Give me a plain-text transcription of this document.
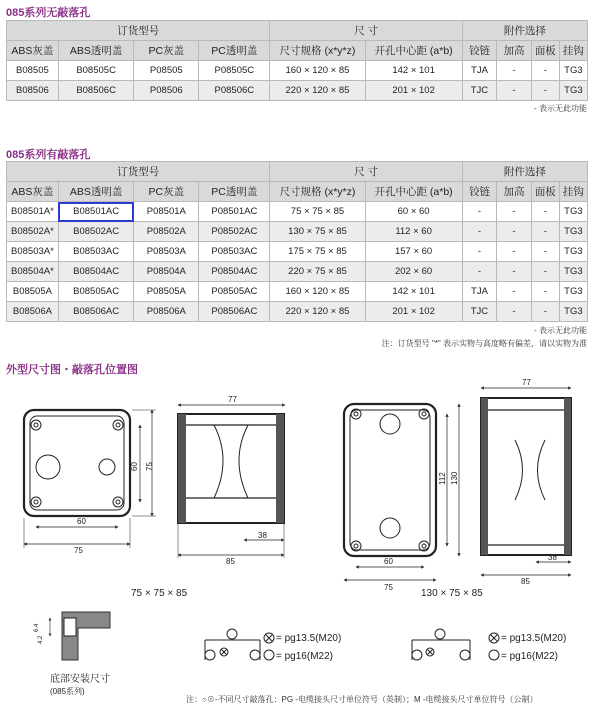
085系列无敲落孔
订货型号				尺 寸		附件选择			
ABS灰盖	ABS透明盖	PC灰盖	PC透明盖	尺寸规格 (x*y*z)	开孔中心距 (a*b)	铰链	加高	面板	挂钩
B08505	B08505C	P08505	P08505C	160 × 120 × 85	142 × 101	TJA	-	-	TG3
B08506	B08506C	P08506	P08506C	220 × 120 × 85	201 × 102	TJC	-	-	TG3
- 表示无此功能
085系列有敲落孔
订货型号				尺 寸		附件选择			
ABS灰盖	ABS透明盖	PC灰盖	PC透明盖	尺寸规格 (x*y*z)	开孔中心距 (a*b)	铰链	加高	面板	挂钩
B08501A*	B08501AC	P08501A	P08501AC	75 × 75 × 85	60 × 60	-	-	-	TG3
B08502A*	B08502AC	P08502A	P08502AC	130 × 75 × 85	112 × 60	-	-	-	TG3
B08503A*	B08503AC	P08503A	P08503AC	175 × 75 × 85	157 × 60	-	-	-	TG3
B08504A*	B08504AC	P08504A	P08504AC	220 × 75 × 85	202 × 60	-	-	-	TG3
B08505A	B08505AC	P08505A	P08505AC	160 × 120 × 85	142 × 101	TJA	-	-	TG3
B08506A	B08506AC	P08506A	P08506AC	220 × 120 × 85	201 × 102	TJC	-	-	TG3
- 表示无此功能
注：订货型号 "*" 表示实物与高度略有偏差，请以实物为准
外型尺寸图・敲落孔位置图
60
75
60 75
77
38
85	60
75
112 130
77
38
85
6.4
4.2	= pg13.5(M20)
= pg16(M22)
= pg13.5(M20)
= pg16(M22)
75 × 75 × 85	130 × 75 × 85
底部安装尺寸
(085系列)
注：○⊗-不同尺寸敲落孔：PG -电缆接头尺寸单位符号（英制）；M -电缆接头尺寸单位符号（公制）
